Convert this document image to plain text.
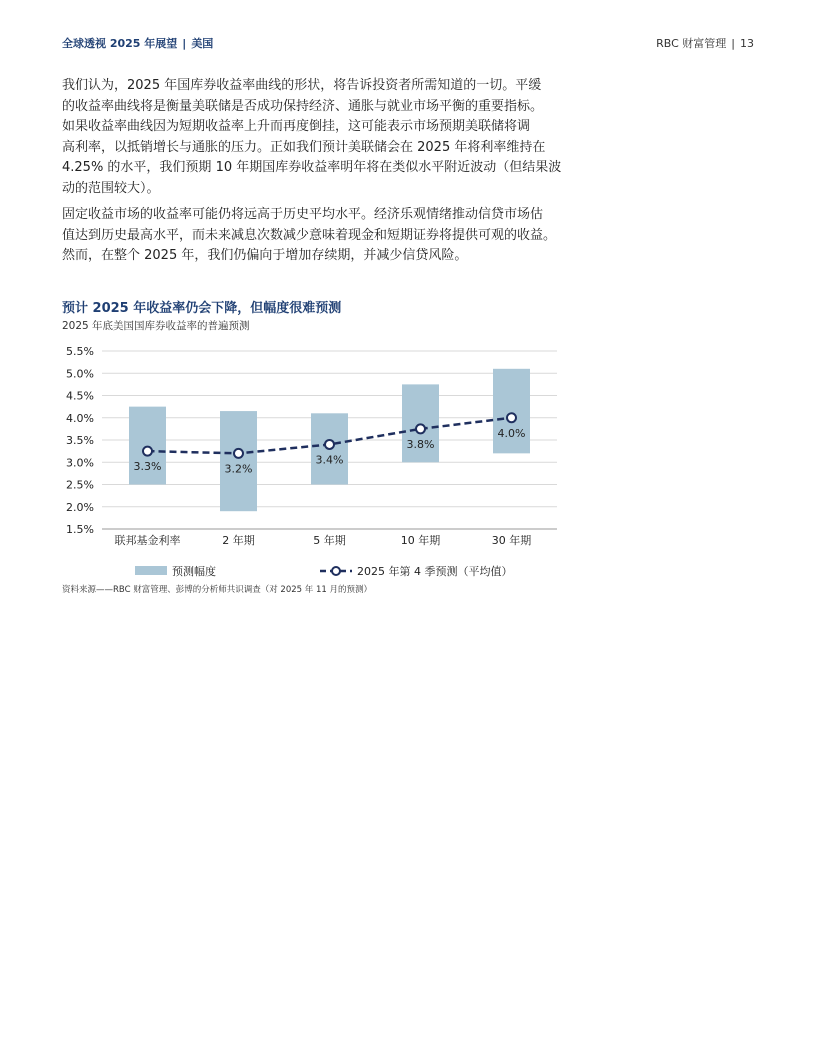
全球透视 2025 年展望 | 美国	RBC 财富管理 | 13
我们认为，2025 年国库券收益率曲线的形状，将告诉投资者所需知道的一切。平缓
的收益率曲线将是衡量美联储是否成功保持经济、通胀与就业市场平衡的重要指标。
如果收益率曲线因为短期收益率上升而再度倒挂，这可能表示市场预期美联储将调
高利率，以抵销增长与通胀的压力。正如我们预计美联储会在 2025 年将利率维持在
4.25% 的水平，我们预期 10 年期国库券收益率明年将在类似水平附近波动（但结果波
动的范围较大）。
固定收益市场的收益率可能仍将远高于历史平均水平。经济乐观情绪推动信贷市场估
值达到历史最高水平，而未来减息次数减少意味着现金和短期证券将提供可观的收益。
然而，在整个 2025 年，我们仍偏向于增加存续期，并减少信贷风险。
预计 2025 年收益率仍会下降，但幅度很难预测
2025 年底美国国库券收益率的普遍预测
1.5%
2.0%
2.5%
3.0%
3.5%
4.0%
4.5%
5.0%
5.5%
3.3%	3.2%
3.4%
3.8%
4.0%
联邦基金利率	2 年期	5 年期	10 年期	30 年期
预测幅度	2025 年第 4 季预测（平均值）
资料来源——RBC 财富管理、彭博的分析师共识调查（对 2025 年 11 月的预测）
